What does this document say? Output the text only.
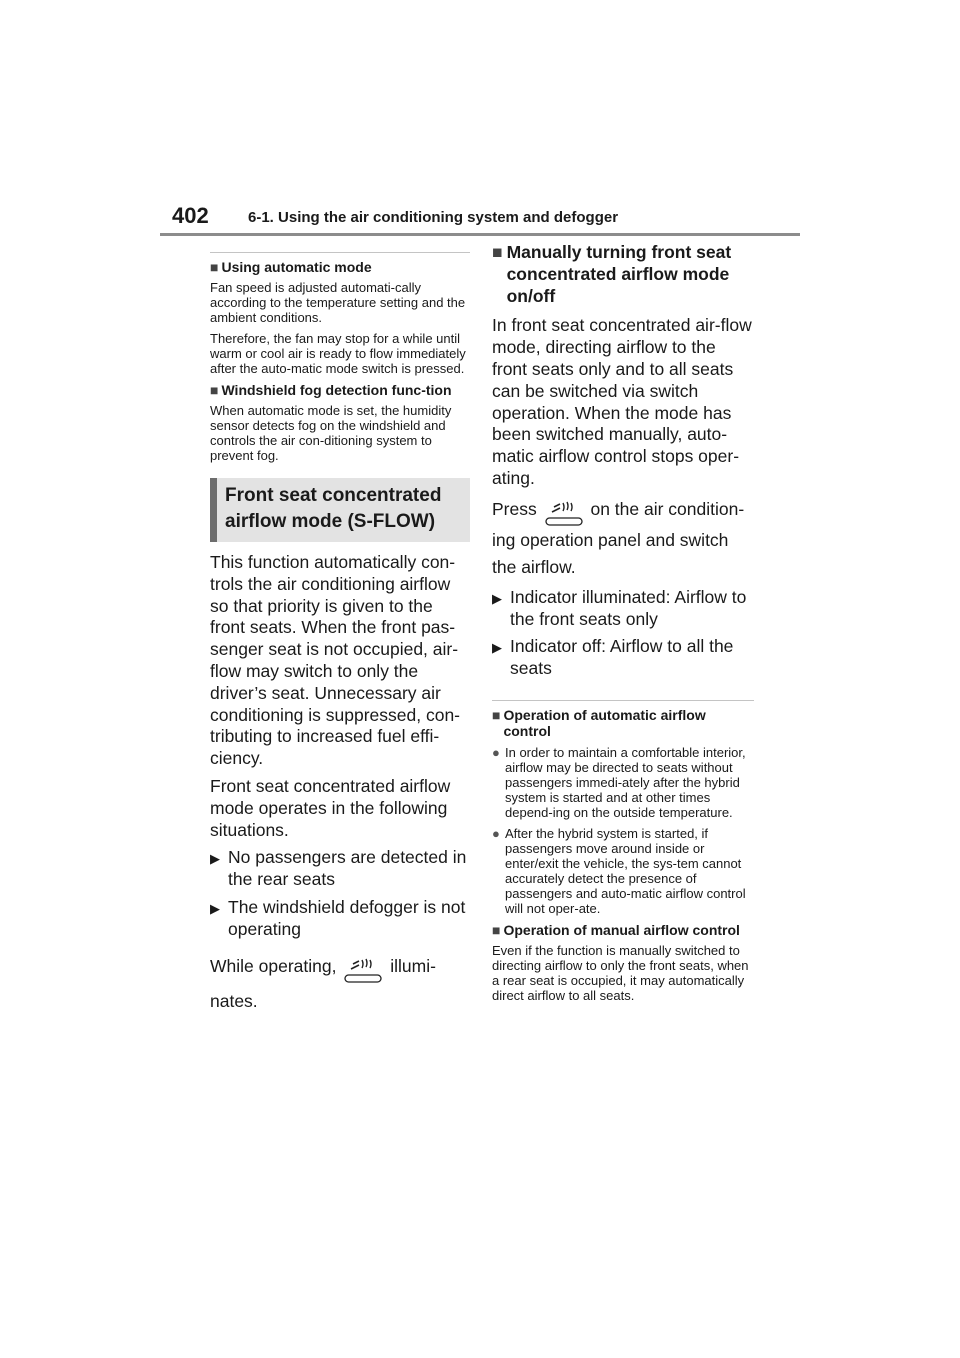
402	6-1. Using the air conditioning system and defogger
■ Using automatic mode

Fan speed is adjusted automati-cally according to the temperature setting and the ambient conditions.

Therefore, the fan may stop for a while until warm or cool air is ready to flow immediately after the auto-matic mode switch is pressed.

■ Windshield fog detection func-tion

When automatic mode is set, the humidity sensor detects fog on the windshield and controls the air con-ditioning system to prevent fog.

Front seat concentrated airflow mode (S-FLOW)

This function automatically con-trols the air conditioning airflow so that priority is given to the front seats. When the front pas-senger seat is not occupied, air-flow may switch to only the driver’s seat. Unnecessary air conditioning is suppressed, con-tributing to increased fuel effi-ciency.

Front seat concentrated airflow mode operates in the following situations.

▶ No passengers are detected in the rear seats
▶ The windshield defogger is not operating
While operating,	illumi-nates.
■ Manually turning front seat concentrated airflow mode on/off

In front seat concentrated air-flow mode, directing airflow to the front seats only and to all seats can be switched via switch operation. When the mode has been switched manually, auto-matic airflow control stops oper-ating.

Press	on the air condition-ing operation panel and switch the airflow.
▶ Indicator illuminated: Airflow to the front seats only
▶ Indicator off: Airflow to all the seats
■ Operation of automatic airflow control
● In order to maintain a comfortable interior, airflow may be directed to seats without passengers immedi-ately after the hybrid system is started and at other times depend-ing on the outside temperature.
● After the hybrid system is started, if passengers move around inside or enter/exit the vehicle, the sys-tem cannot accurately detect the presence of passengers and auto-matic airflow control will not oper-ate.
■ Operation of manual airflow control

Even if the function is manually switched to directing airflow to only the front seats, when a rear seat is occupied, it may automatically direct airflow to all seats.
